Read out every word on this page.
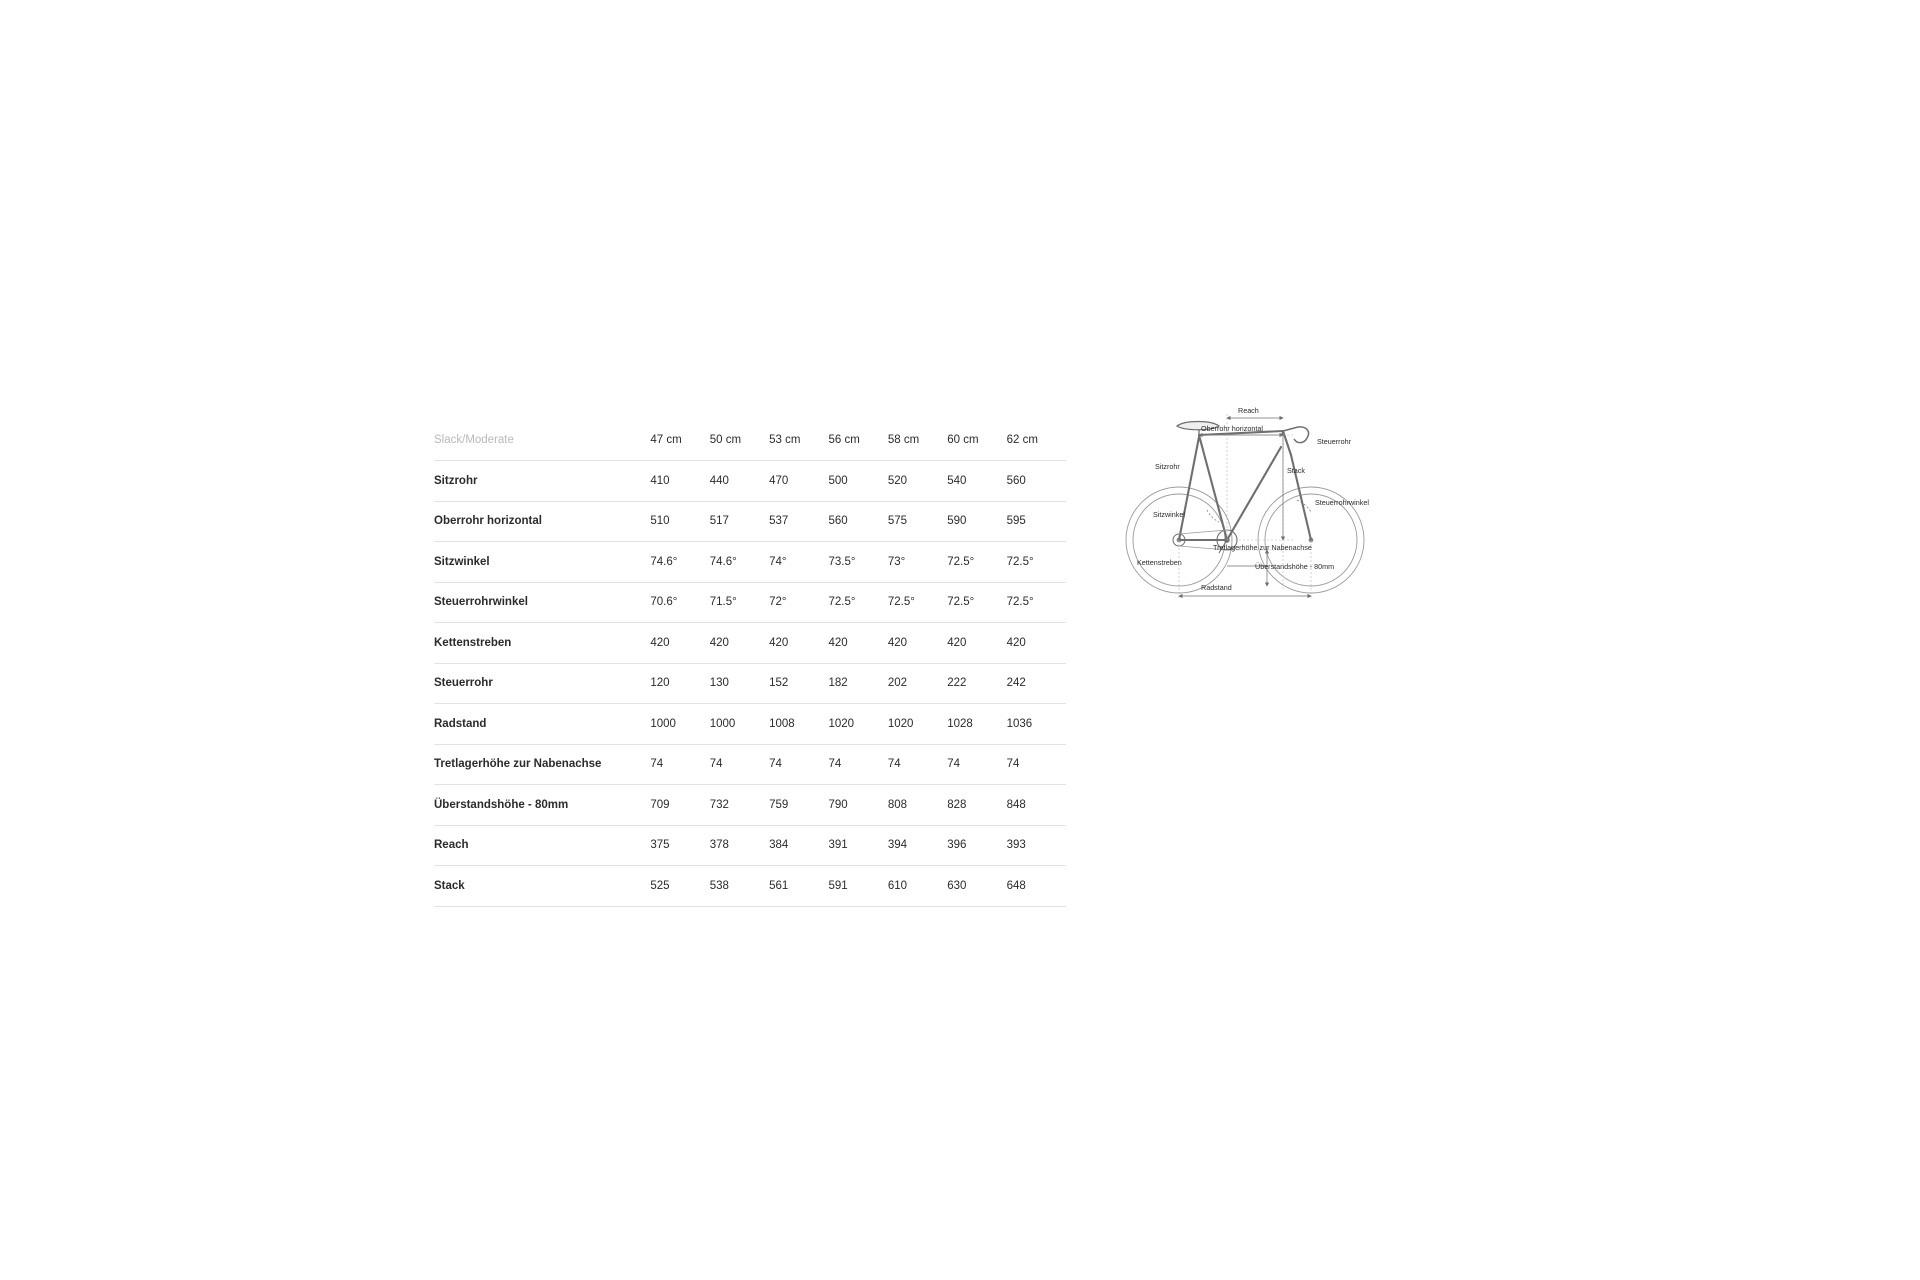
Slack/Moderate	47 cm	50 cm	53 cm	56 cm	58 cm	60 cm	62 cm
Sitzrohr	410	440	470	500	520	540	560
Oberrohr horizontal	510	517	537	560	575	590	595
Sitzwinkel	74.6°	74.6°	74°	73.5°	73°	72.5°	72.5°
Steuerrohrwinkel	70.6°	71.5°	72°	72.5°	72.5°	72.5°	72.5°
Kettenstreben	420	420	420	420	420	420	420
Steuerrohr	120	130	152	182	202	222	242
Radstand	1000	1000	1008	1020	1020	1028	1036
Tretlagerhöhe zur Nabenachse	74	74	74	74	74	74	74
Überstandshöhe - 80mm	709	732	759	790	808	828	848
Reach	375	378	384	391	394	396	393
Stack	525	538	561	591	610	630	648
Reach
Oberrohr horizontal
Steuerrohr
Sitzrohr	Stack
Steuerrohrwinkel
Sitzwinkel
Kettenstreben
Tretlagerhöhe zur Nabenachse
Überstandshöhe - 80mm
Radstand
